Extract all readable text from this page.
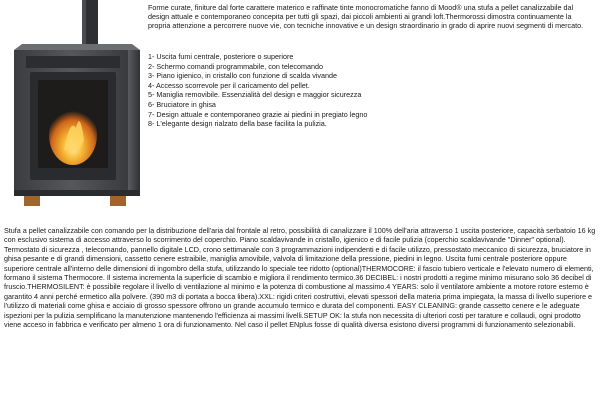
Forme curate, finiture dal forte carattere materico e raffinate tinte monocromatiche fanno di Mood® una stufa a pellet canalizzabile dal design attuale e contemporaneo concepita per tutti gli spazi, dai piccoli ambienti ai grandi loft.Thermorossi dimostra continuamente la propria attenzione a percorrere nuove vie, con tecniche innovative e un design straordinario in grado di aprire nuovi segmenti di mercato.

1- Uscita fumi centrale, posteriore o superiore
2- Schermo comandi programmabile, con telecomando
3- Piano igienico, in cristallo con funzione di scalda vivande
4- Accesso scorrevole per il caricamento del pellet.
5- Maniglia removibile. Essenzialità del design e maggior sicurezza
6- Bruciatore in ghisa
7- Design attuale e contemporaneo grazie ai piedini in pregiato legno
8- L'elegante design rialzato della base facilita la pulizia.

Stufa a pellet canalizzabile con comando per la distribuzione dell'aria dal frontale al retro, possibilità di canalizzare il 100% dell'aria attraverso 1 uscita posteriore, capacità serbatoio 16 kg con esclusivo sistema di accesso attraverso lo scorrimento del coperchio. Piano scaldavivande in cristallo, igienico e di facile pulizia (coperchio scaldavivande "Dinner" optional). Termostato di sicurezza , telecomando, pannello digitale LCD, crono settimanale con 3 programmazioni indipendenti e di facile utilizzo, pressostato meccanico di sicurezza, bruciatore in ghisa pesante e di grandi dimensioni, cassetto cenere estraibile, maniglia amovibile, valvola di limitazione della pressione, piedini in legno. Uscita fumi centrale posteriore oppure superiore centrale all'interno delle dimensioni di ingombro della stufa, utilizzando lo speciale tee ridotto (optional)THERMOCORE: il fascio tubiero verticale e l'elevato numero di elementi, formano il sistema Thermocore. Il sistema incrementa la superficie di scambio e migliora il rendimento termico.36 DECIBEL: i nostri prodotti a regime minimo misurano solo 36 decibel di fruscio.THERMOSILENT: è possibile regolare il livello di ventilazione al minimo e la potenza di combustione al massimo.4 YEARS: solo il ventilatore ambiente a motore rotore esterno è garantito 4 anni perché ermetico alla polvere. (390 m3 di portata a bocca libera).XXL: rigidi criteri costruttivi, elevati spessori della materia prima impiegata, la massa di livello superiore e l'utilizzo di materiali come ghisa e acciaio di grosso spessore offrono un grande accumulo termico e durata del componenti. EASY CLEANING: grande cassetto cenere e le adeguate ispezioni per la pulizia semplificano la manutenzione mantenendo l'efficienza ai massimi livelli.SETUP OK: la stufa non necessita di ulteriori costi per tarature e collaudi, ogni prodotto viene acceso in fabbrica e verificato per almeno 1 ora di funzionamento. Nel caso il pellet ENplus fosse di qualità diversa esistono diversi programmi di funzionamento selezionabili.
